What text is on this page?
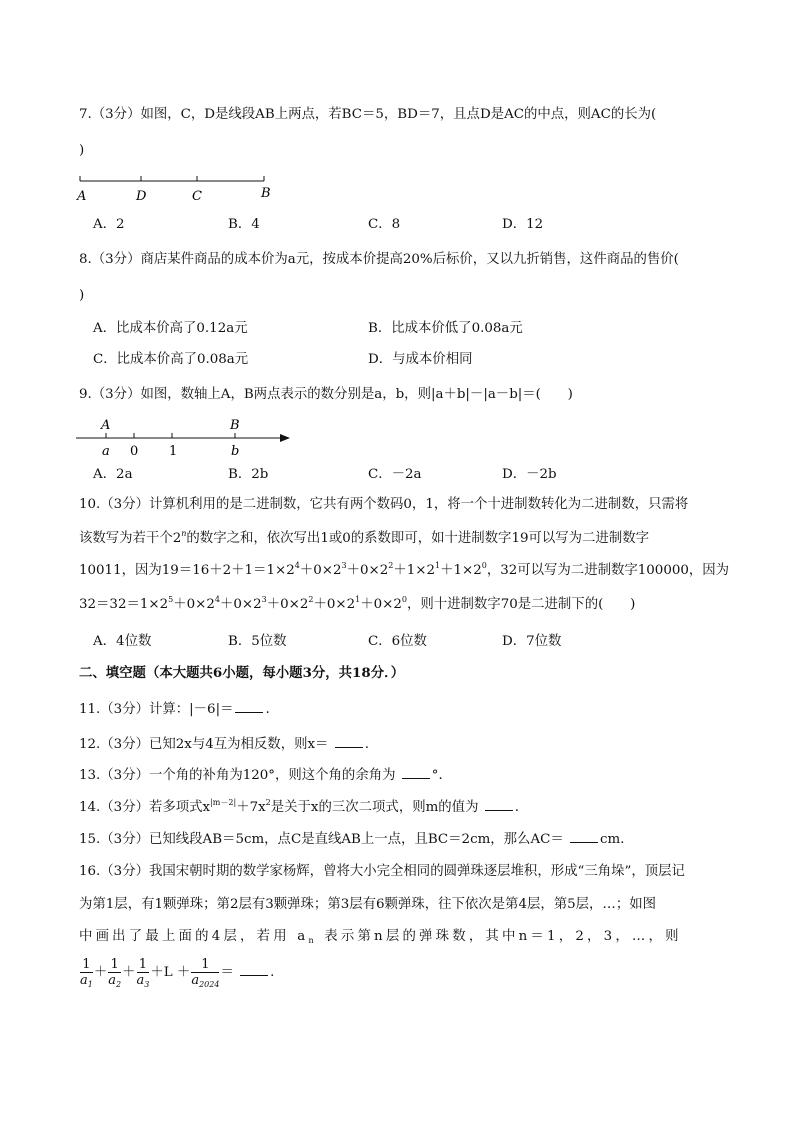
7.（3分）如图，C，D是线段AB上两点，若BC＝5，BD＝7，且点D是AC的中点，则AC的长为(
)
A	D	C	B
A．2	B．4	C．8	D．12
8.（3分）商店某件商品的成本价为a元，按成本价提高20%后标价，又以九折销售，这件商品的售价(
)
A．比成本价高了0.12a元	B．比成本价低了0.08a元
C．比成本价高了0.08a元	D．与成本价相同
9.（3分）如图，数轴上A，B两点表示的数分别是a，b，则|a＋b|－|a－b|＝(　　)
A	B
a 0 1	b
A．2a	B．2b	C．－2a	D．－2b
10.（3分）计算机利用的是二进制数，它共有两个数码0，1，将一个十进制数转化为二进制数，只需将
该数写为若干个2$^n$的数字之和，依次写出1或0的系数即可，如十进制数字19可以写为二进制数字
10011，因为$19=16+2+1=1\times 2^4+0\times 2^3+0\times 2^2+1\times 2^1+1\times 2^0$，32可以写为二进制数字100000，因为
$32=32=1\times 2^5+0\times 2^4+0\times 2^3+0\times 2^2+0\times 2^1+0\times 2^0$，则十进制数字70是二进制下的(　　)
A．4位数	B．5位数	C．6位数	D．7位数
二、填空题（本大题共6小题，每小题3分，共18分．）
11.（3分）计算：|－6|＝ .
12.（3分）已知2x与4互为相反数，则x＝	.
13.（3分）一个角的补角为120°，则这个角的余角为	°．
14.（3分）若多项式$x^{|m-2|}+7x^2$是关于x的三次二项式，则m的值为	.
15.（3分）已知线段AB＝5cm，点C是直线AB上一点，且BC＝2cm，那么AC＝	cm．
16.（3分）我国宋朝时期的数学家杨辉，曾将大小完全相同的圆弹珠逐层堆积，形成“三角垛”，顶层记
为第1层，有1颗弹珠；第2层有3颗弹珠；第3层有6颗弹珠，往下依次是第4层，第5层，…；如图
中画出了最上面的4层，若用 $a_n$ 表示第n层的弹珠数，其中n＝1，2，3，…，则
$\frac{1}{a_1} + \frac{1}{a_2} + \frac{1}{a_3} +L + \frac{1}{a_{2024}}$ ＝	.
